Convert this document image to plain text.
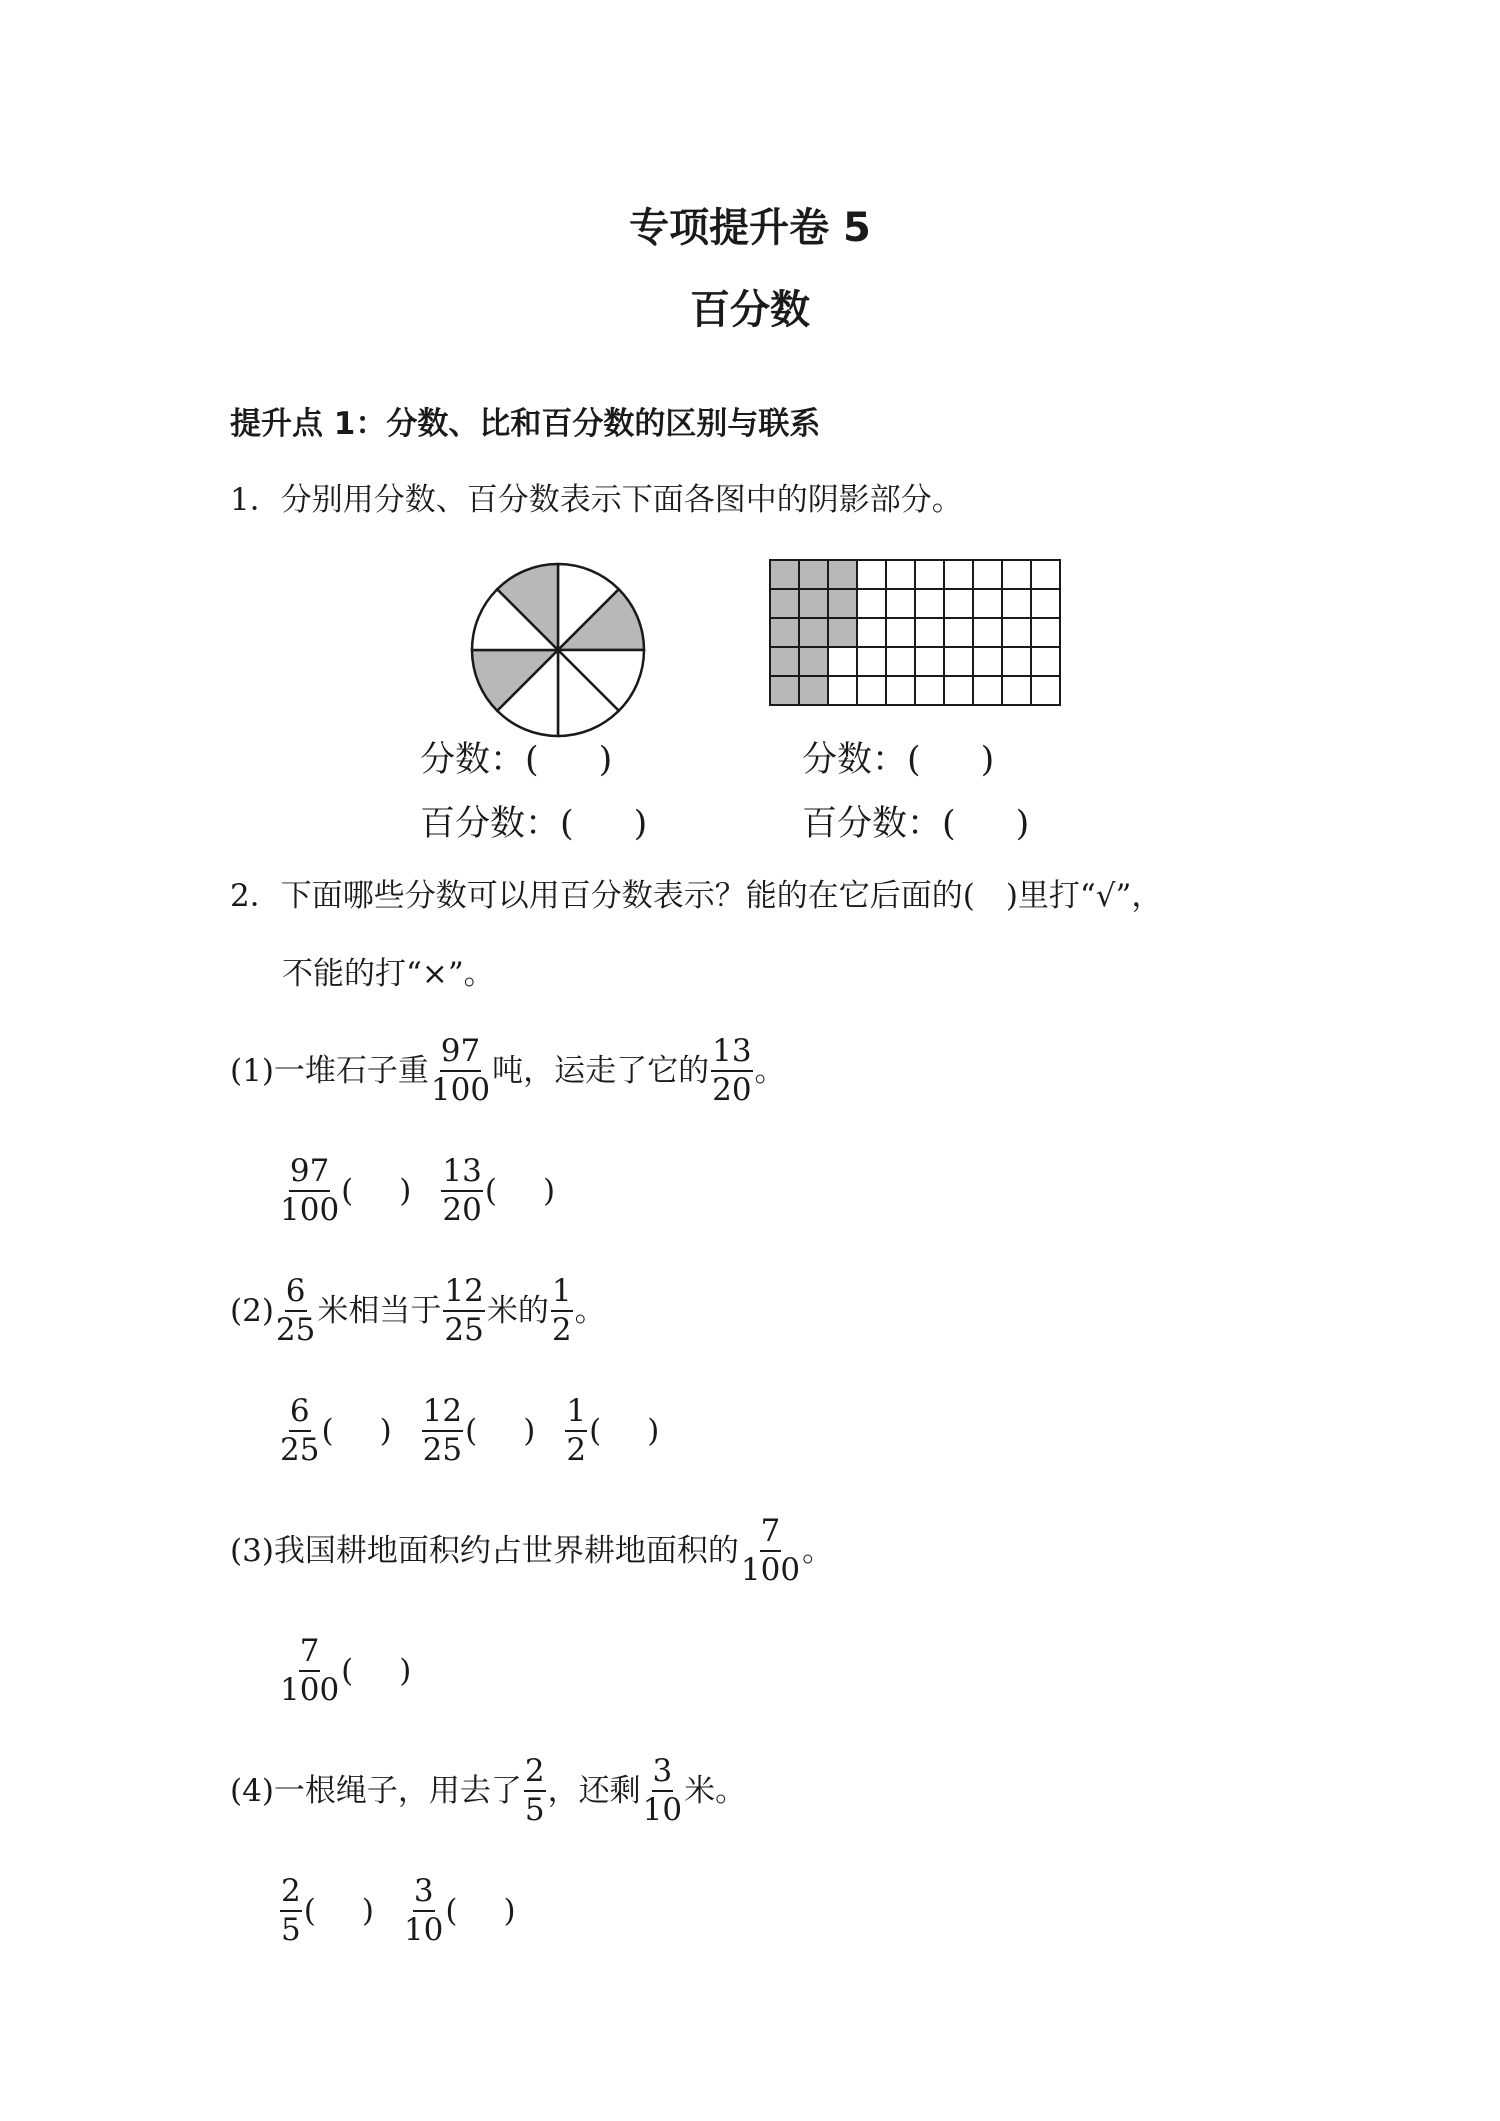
专项提升卷 5
百分数
提升点 1：分数、比和百分数的区别与联系
1．分别用分数、百分数表示下面各图中的阴影部分。
分数：( )
百分数：( )
分数：( )
百分数：( )
2．下面哪些分数可以用百分数表示？能的在它后面的(　)里打“√”，
不能的打“×”。
(1) 一堆石子重 $\frac{97}{100}$ 吨，运走了它的 $\frac{13}{20}$ 。
$\frac{97}{100}$ ( ) $\frac{13}{20}$ ( )
$(2) \frac{6}{25}$ 米相当于 $\frac{12}{25}$ 米的 $\frac{1}{2}$ 。
$\frac{6}{25}$ ( ) $\frac{12}{25}$ ( ) $\frac{1}{2}$ ( )
(3) 我国耕地面积约占世界耕地面积的 $\frac{7}{100}$ 。
$\frac{7}{100}$ ( )
(4) 一根绳子，用去了 $\frac{2}{5}$ ，还剩 $\frac{3}{10}$ 米。
$\frac{2}{5}$ ( ) $\frac{3}{10}$ ( )
